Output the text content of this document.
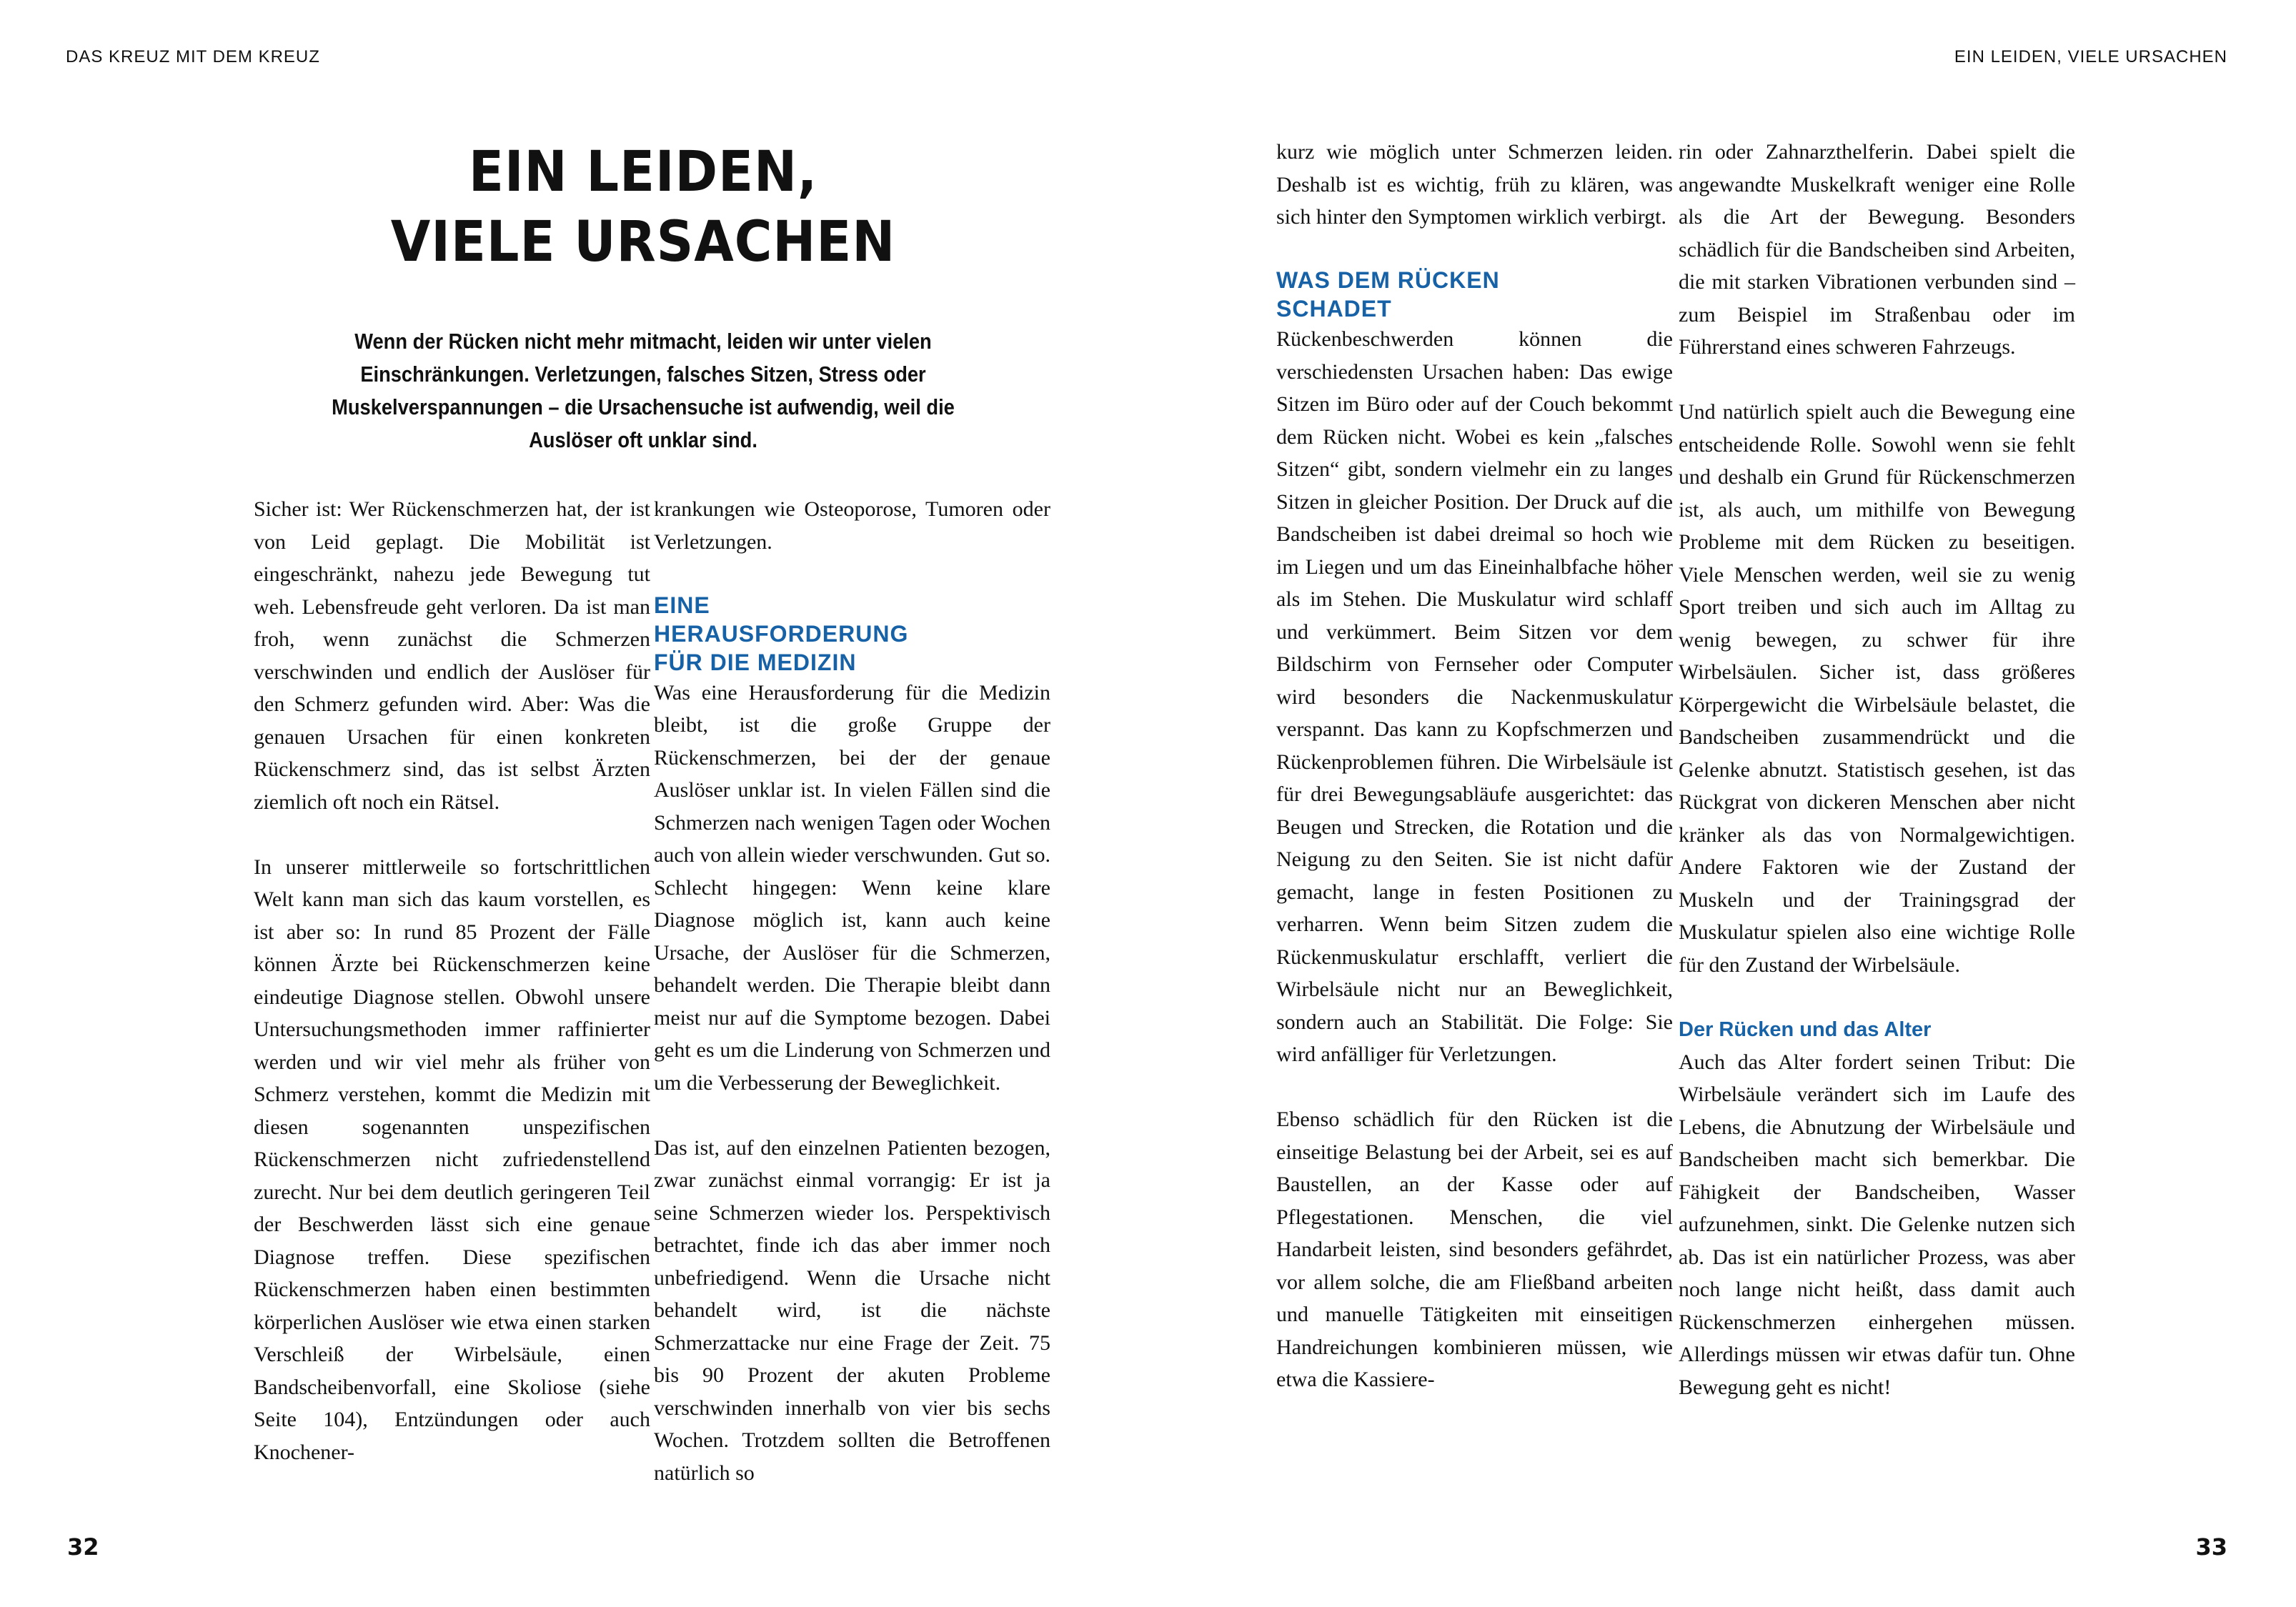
DAS KREUZ MIT DEM KREUZ	EIN LEIDEN, VIELE URSACHEN
EIN LEIDEN,
VIELE URSACHEN
Wenn der Rücken nicht mehr mitmacht, leiden wir unter vielen Einschränkungen. Verletzungen, falsches Sitzen, Stress oder Muskelverspannungen – die Ursachensuche ist aufwendig, weil die Auslöser oft unklar sind.

Sicher ist: Wer Rückenschmerzen hat, der ist von Leid geplagt. Die Mobilität ist eingeschränkt, nahezu jede Bewegung tut weh. Lebensfreude geht verloren. Da ist man froh, wenn zunächst die Schmerzen verschwinden und endlich der Auslöser für den Schmerz gefunden wird. Aber: Was die genauen Ursachen für einen konkreten Rückenschmerz sind, das ist selbst Ärzten ziemlich oft noch ein Rätsel.

In unserer mittlerweile so fortschrittlichen Welt kann man sich das kaum vorstellen, es ist aber so: In rund 85 Prozent der Fälle können Ärzte bei Rückenschmerzen keine eindeutige Diagnose stellen. Obwohl unsere Untersuchungsmethoden immer raffinierter werden und wir viel mehr als früher von Schmerz verstehen, kommt die Medizin mit diesen sogenannten unspezifischen Rückenschmerzen nicht zufriedenstellend zurecht. Nur bei dem deutlich geringeren Teil der Beschwerden lässt sich eine genaue Diagnose treffen. Diese spezifischen Rückenschmerzen haben einen bestimmten körperlichen Auslöser wie etwa einen starken Verschleiß der Wirbelsäule, einen Bandscheibenvorfall, eine Skoliose (siehe Seite 104), Entzündungen oder auch Knochener-

krankungen wie Osteoporose, Tumoren oder Verletzungen.

EINE HERAUSFORDERUNG FÜR DIE MEDIZIN

Was eine Herausforderung für die Medizin bleibt, ist die große Gruppe der Rückenschmerzen, bei der der genaue Auslöser unklar ist. In vielen Fällen sind die Schmerzen nach wenigen Tagen oder Wochen auch von allein wieder verschwunden. Gut so. Schlecht hingegen: Wenn keine klare Diagnose möglich ist, kann auch keine Ursache, der Auslöser für die Schmerzen, behandelt werden. Die Therapie bleibt dann meist nur auf die Symptome bezogen. Dabei geht es um die Linderung von Schmerzen und um die Verbesserung der Beweglichkeit.

Das ist, auf den einzelnen Patienten bezogen, zwar zunächst einmal vorrangig: Er ist ja seine Schmerzen wieder los. Perspektivisch betrachtet, finde ich das aber immer noch unbefriedigend. Wenn die Ursache nicht behandelt wird, ist die nächste Schmerzattacke nur eine Frage der Zeit. 75 bis 90 Prozent der akuten Probleme verschwinden innerhalb von vier bis sechs Wochen. Trotzdem sollten die Betroffenen natürlich so

kurz wie möglich unter Schmerzen leiden. Deshalb ist es wichtig, früh zu klären, was sich hinter den Symptomen wirklich verbirgt.

WAS DEM RÜCKEN SCHADET

Rückenbeschwerden können die verschiedensten Ursachen haben: Das ewige Sitzen im Büro oder auf der Couch bekommt dem Rücken nicht. Wobei es kein „falsches Sitzen“ gibt, sondern vielmehr ein zu langes Sitzen in gleicher Position. Der Druck auf die Bandscheiben ist dabei dreimal so hoch wie im Liegen und um das Eineinhalbfache höher als im Stehen. Die Muskulatur wird schlaff und verkümmert. Beim Sitzen vor dem Bildschirm von Fernseher oder Computer wird besonders die Nackenmuskulatur verspannt. Das kann zu Kopfschmerzen und Rückenproblemen führen. Die Wirbelsäule ist für drei Bewegungsabläufe ausgerichtet: das Beugen und Strecken, die Rotation und die Neigung zu den Seiten. Sie ist nicht dafür gemacht, lange in festen Positionen zu verharren. Wenn beim Sitzen zudem die Rückenmuskulatur erschlafft, verliert die Wirbelsäule nicht nur an Beweglichkeit, sondern auch an Stabilität. Die Folge: Sie wird anfälliger für Verletzungen.

Ebenso schädlich für den Rücken ist die einseitige Belastung bei der Arbeit, sei es auf Baustellen, an der Kasse oder auf Pflegestationen. Menschen, die viel Handarbeit leisten, sind besonders gefährdet, vor allem solche, die am Fließband arbeiten und manuelle Tätigkeiten mit einseitigen Handreichungen kombinieren müssen, wie etwa die Kassiere-

rin oder Zahnarzthelferin. Dabei spielt die angewandte Muskelkraft weniger eine Rolle als die Art der Bewegung. Besonders schädlich für die Bandscheiben sind Arbeiten, die mit starken Vibrationen verbunden sind – zum Beispiel im Straßenbau oder im Führerstand eines schweren Fahrzeugs.

Und natürlich spielt auch die Bewegung eine entscheidende Rolle. Sowohl wenn sie fehlt und deshalb ein Grund für Rückenschmerzen ist, als auch, um mithilfe von Bewegung Probleme mit dem Rücken zu beseitigen. Viele Menschen werden, weil sie zu wenig Sport treiben und sich auch im Alltag zu wenig bewegen, zu schwer für ihre Wirbelsäulen. Sicher ist, dass größeres Körpergewicht die Wirbelsäule belastet, die Bandscheiben zusammendrückt und die Gelenke abnutzt. Statistisch gesehen, ist das Rückgrat von dickeren Menschen aber nicht kränker als das von Normalgewichtigen. Andere Faktoren wie der Zustand der Muskeln und der Trainingsgrad der Muskulatur spielen also eine wichtige Rolle für den Zustand der Wirbelsäule.

Der Rücken und das Alter

Auch das Alter fordert seinen Tribut: Die Wirbelsäule verändert sich im Laufe des Lebens, die Abnutzung der Wirbelsäule und Bandscheiben macht sich bemerkbar. Die Fähigkeit der Bandscheiben, Wasser aufzunehmen, sinkt. Die Gelenke nutzen sich ab. Das ist ein natürlicher Prozess, was aber noch lange nicht heißt, dass damit auch Rückenschmerzen einhergehen müssen. Allerdings müssen wir etwas dafür tun. Ohne Bewegung geht es nicht!

32	33
